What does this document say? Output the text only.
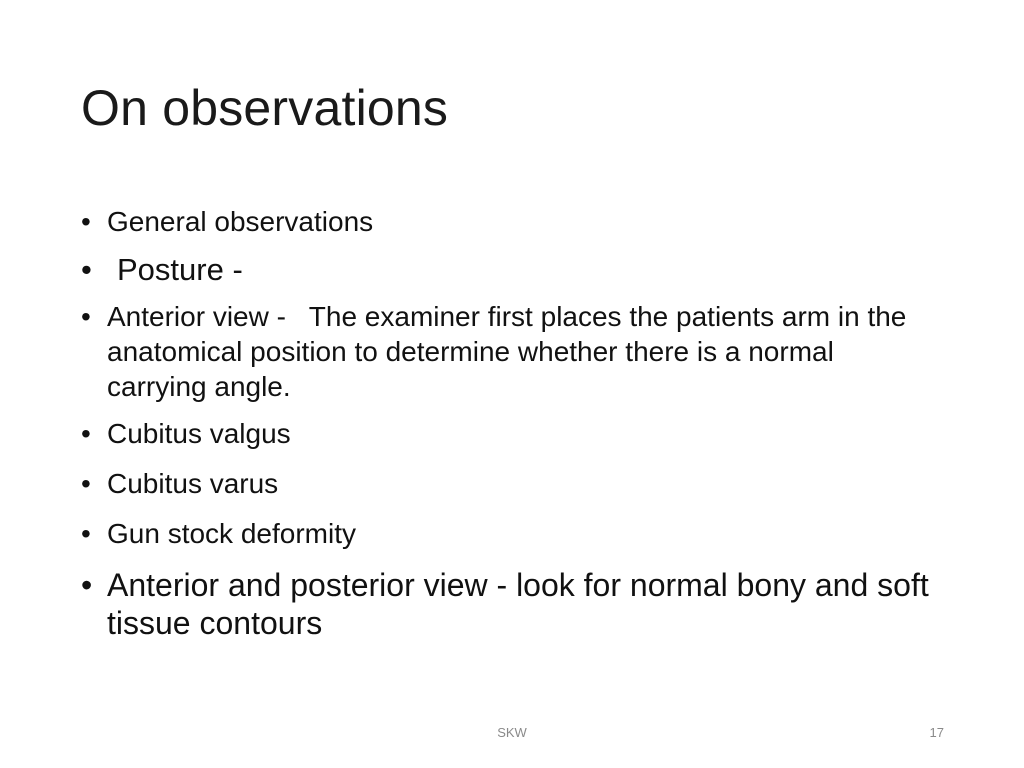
On observations
• General observations
• Posture -
• Anterior view -   The examiner first places the patients arm in the anatomical position to determine whether there is a normal carrying angle.
• Cubitus valgus
• Cubitus varus
• Gun stock deformity
• Anterior and posterior view - look for normal bony and soft tissue contours
SKW	17
